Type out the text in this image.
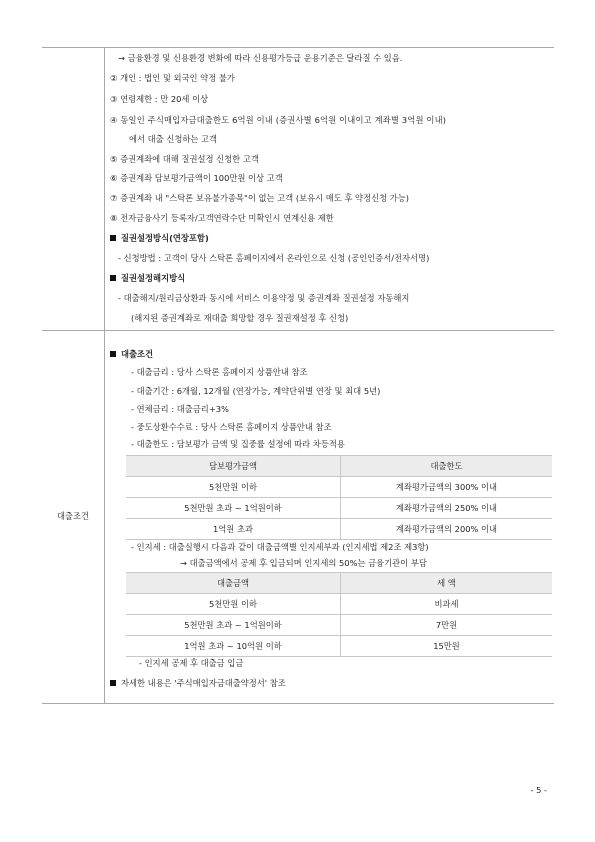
→ 금융환경 및 신용환경 변화에 따라 신용평가등급 운용기준은 달라질 수 있음.
② 개인 : 법인 및 외국인 약정 불가
③ 연령제한 : 만 20세 이상
④ 동일인 주식매입자금대출한도 6억원 이내 (증권사별 6억원 이내이고 계좌별 3억원 이내)
에서 대출 신청하는 고객
⑤ 증권계좌에 대해 질권설정 신청한 고객
⑥ 증권계좌 담보평가금액이 100만원 이상 고객
⑦ 증권계좌 내 "스탁론 보유불가종목"이 없는 고객 (보유시 매도 후 약정신청 가능)
⑧ 전자금융사기 등록자/고객연락수단 미확인시 연계신용 제한
질권설정방식(연장포함)
- 신청방법 : 고객이 당사 스탁론 홈페이지에서 온라인으로 신청 (공인인증서/전자서명)
질권설정해지방식
- 대출해지/원리금상환과 동시에 서비스 이용약정 및 증권계좌 질권설정 자동해지
(해지된 증권계좌로 재대출 희망할 경우 질권재설정 후 신청)
대출조건
대출조건
- 대출금리 : 당사 스탁론 홈페이지 상품안내 참조
- 대출기간 : 6개월, 12개월 (연장가능, 계약단위별 연장 및 최대 5년)
- 연체금리 : 대출금리+3%
- 중도상환수수료 : 당사 스탁론 홈페이지 상품안내 참조
- 대출한도 : 담보평가 금액 및 집중률 설정에 따라 차등적용
담보평가금액	대출한도
5천만원 이하	계좌평가금액의 300% 이내
5천만원 초과 ~ 1억원이하	계좌평가금액의 250% 이내
1억원 초과	계좌평가금액의 200% 이내
- 인지세 : 대출실행시 다음과 같이 대출금액별 인지세부과 (인지세법 제2조 제3항)
→ 대출금액에서 공제 후 입금되며 인지세의 50%는 금융기관이 부담
대출금액	세 액
5천만원 이하	비과세
5천만원 초과 ~ 1억원이하	7만원
1억원 초과 ~ 10억원 이하	15만원
- 인지세 공제 후 대출금 입금
자세한 내용은 '주식매입자금대출약정서' 참조
- 5 -
